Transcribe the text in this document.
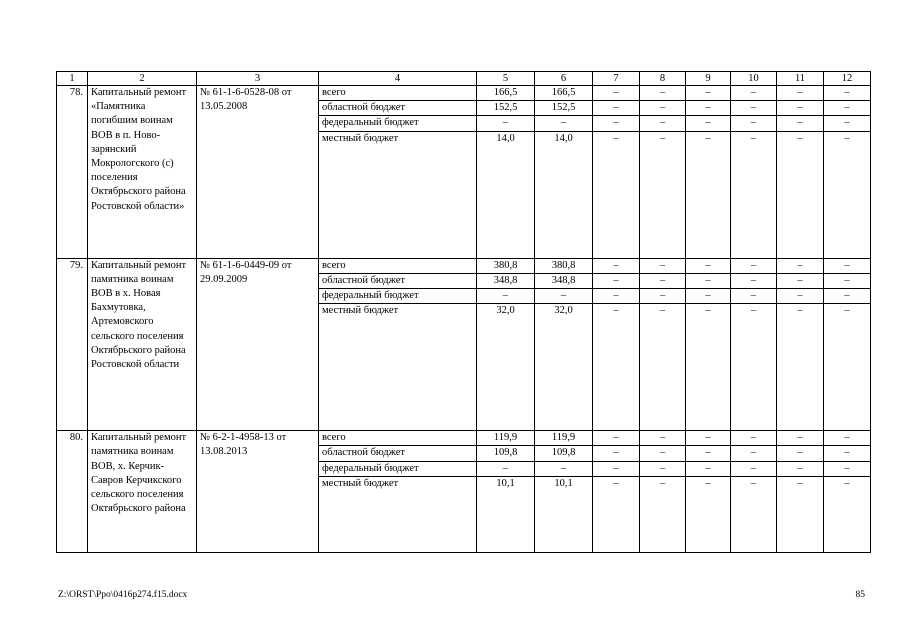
1	2	3	4	5	6	7	8	9	10	11	12
78.	Капитальный ремонт «Памятника погибшим воинам ВОВ в п. Ново-зарянский Мокрологского (с) поселения Октябрьского района Ростовской области»	№ 61-1-6-0528-08 от 13.05.2008	всего	166,5	166,5	–	–	–	–	–	–
			областной бюджет	152,5	152,5	–	–	–	–	–	–
			федеральный бюджет	–	–	–	–	–	–	–	–
			местный бюджет	14,0	14,0	–	–	–	–	–	–
79.	Капитальный ремонт памятника воинам ВОВ в х. Новая Бахмутовка, Артемовского сельского поселения Октябрьского района Ростовской области	№ 61-1-6-0449-09 от 29.09.2009	всего	380,8	380,8	–	–	–	–	–	–
			областной бюджет	348,8	348,8	–	–	–	–	–	–
			федеральный бюджет	–	–	–	–	–	–	–	–
			местный бюджет	32,0	32,0	–	–	–	–	–	–
80.	Капитальный ремонт памятника воинам ВОВ, х. Керчик-Савров Керчикского сельского поселения Октябрьского района	№ 6-2-1-4958-13 от 13.08.2013	всего	119,9	119,9	–	–	–	–	–	–
			областной бюджет	109,8	109,8	–	–	–	–	–	–
			федеральный бюджет	–	–	–	–	–	–	–	–
			местный бюджет	10,1	10,1	–	–	–	–	–	–
Z:\ORST\Ppo\0416p274.f15.docx	85
